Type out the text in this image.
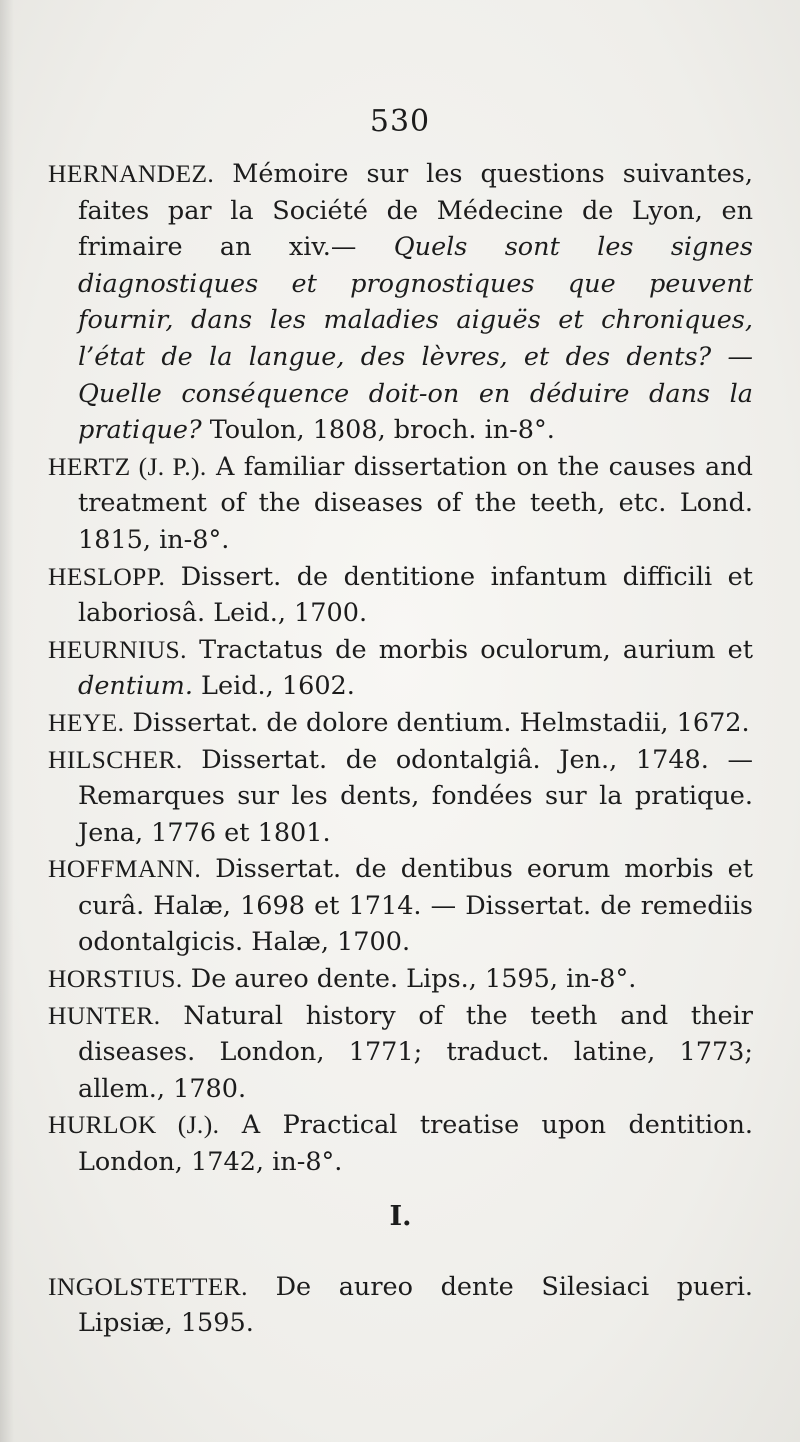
530
HERNANDEZ. Mémoire sur les questions suivantes, faites par la Société de Médecine de Lyon, en frimaire an xiv.— Quels sont les signes diagnostiques et prognostiques que peuvent fournir, dans les maladies aiguës et chroniques, l’état de la langue, des lèvres, et des dents? — Quelle conséquence doit-on en déduire dans la pratique? Toulon, 1808, broch. in-8°.
HERTZ (J. P.). A familiar dissertation on the causes and treatment of the diseases of the teeth, etc. Lond. 1815, in-8°.
HESLOPP. Dissert. de dentitione infantum difficili et laboriosâ. Leid., 1700.
HEURNIUS. Tractatus de morbis oculorum, aurium et dentium. Leid., 1602.
HEYE. Dissertat. de dolore dentium. Helmstadii, 1672.
HILSCHER. Dissertat. de odontalgiâ. Jen., 1748. — Remarques sur les dents, fondées sur la pratique. Jena, 1776 et 1801.
HOFFMANN. Dissertat. de dentibus eorum morbis et curâ. Halæ, 1698 et 1714. — Dissertat. de remediis odontalgicis. Halæ, 1700.
HORSTIUS. De aureo dente. Lips., 1595, in-8°.
HUNTER. Natural history of the teeth and their diseases. London, 1771; traduct. latine, 1773; allem., 1780.
HURLOK (J.). A Practical treatise upon dentition. London, 1742, in-8°.
I.
INGOLSTETTER. De aureo dente Silesiaci pueri. Lipsiæ, 1595.
